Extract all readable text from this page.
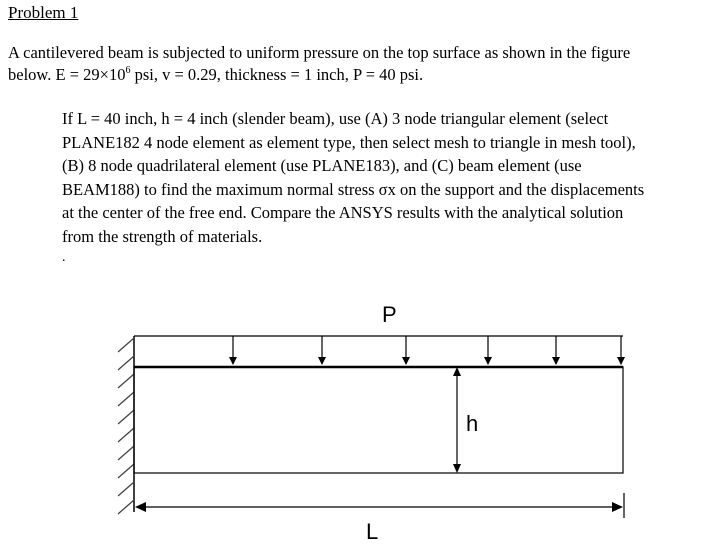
Problem 1
A cantilevered beam is subjected to uniform pressure on the top surface as shown in the figure
below. $E = 29\times 10^6$ psi, v = 0.29, thickness = 1 inch, P = 40 psi.
If L = 40 inch, h = 4 inch (slender beam), use (A) 3 node triangular element (select
PLANE182 4 node element as element type, then select mesh to triangle in mesh tool),
(B) 8 node quadrilateral element (use PLANE183), and (C) beam element (use
BEAM188) to find the maximum normal stress σx on the support and the displacements
at the center of the free end. Compare the ANSYS results with the analytical solution
from the strength of materials.
.
P
h
L
